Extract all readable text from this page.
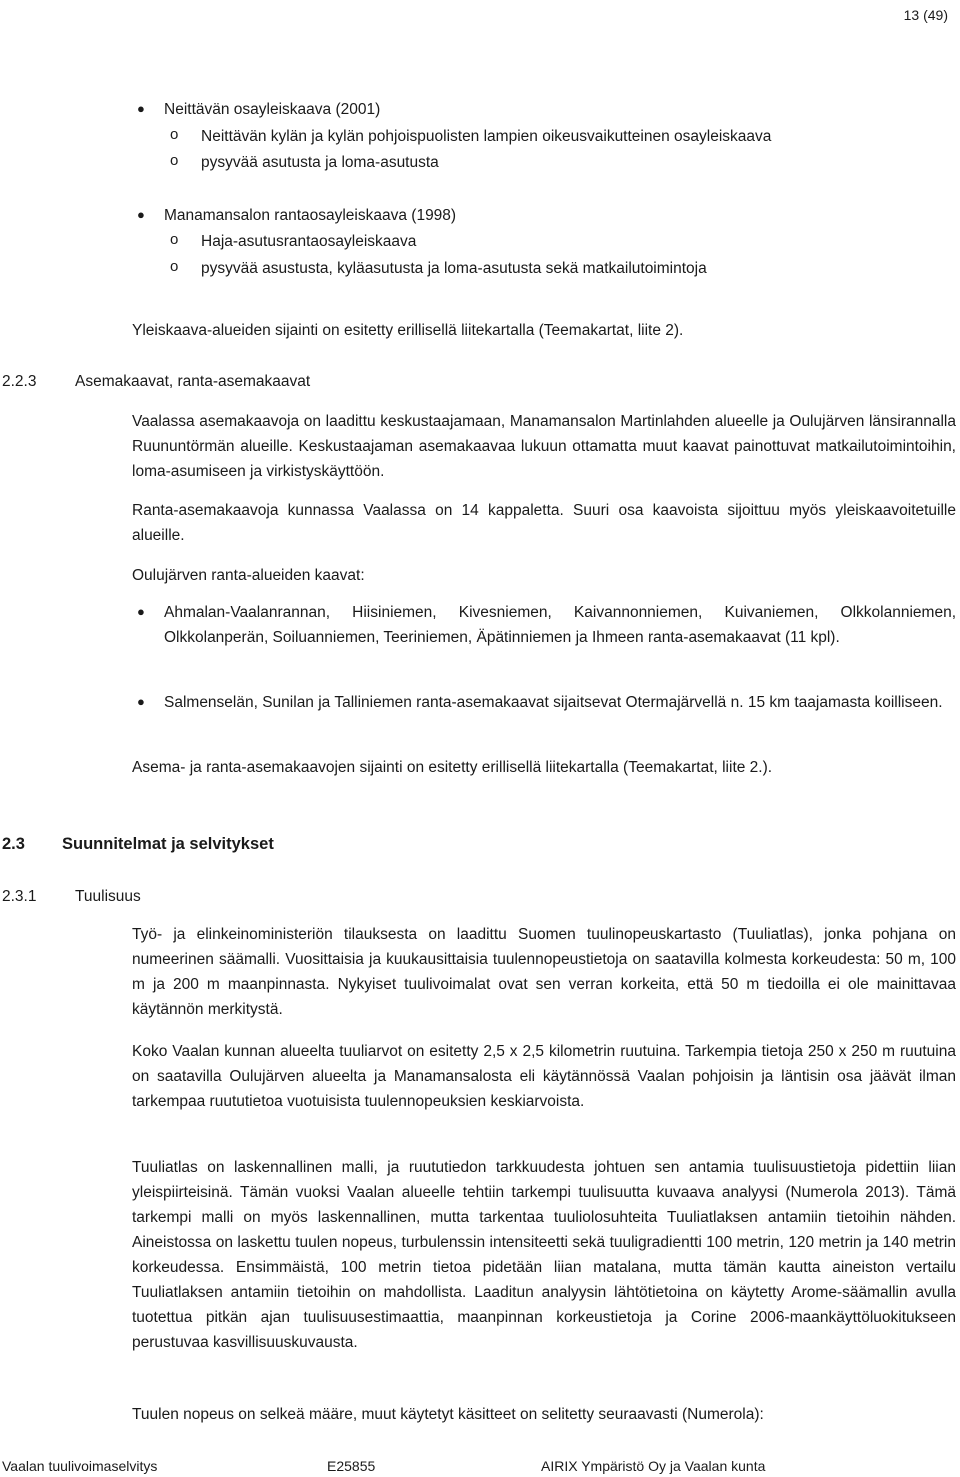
13 (49)
● Neittävän osayleiskaava (2001)
o Neittävän kylän ja kylän pohjoispuolisten lampien oikeusvaikutteinen osayleiskaava
o pysyvää asutusta ja loma-asutusta
● Manamansalon rantaosayleiskaava (1998)
o Haja-asutusrantaosayleiskaava
o pysyvää asustusta, kyläasutusta ja loma-asutusta sekä matkailutoimintoja
Yleiskaava-alueiden sijainti on esitetty erillisellä liitekartalla (Teemakartat, liite 2).
2.2.3 Asemakaavat, ranta-asemakaavat
Vaalassa asemakaavoja on laadittu keskustaajamaan, Manamansalon Martinlahden alueelle ja Oulujärven länsirannalla Ruununtörmän alueille. Keskustaajaman asemakaavaa lukuun ottamatta muut kaavat painottuvat matkailutoimintoihin, loma-asumiseen ja virkistyskäyttöön.
Ranta-asemakaavoja kunnassa Vaalassa on 14 kappaletta. Suuri osa kaavoista sijoittuu myös yleiskaavoitetuille alueille.
Oulujärven ranta-alueiden kaavat:
● Ahmalan-Vaalanrannan, Hiisiniemen, Kivesniemen, Kaivannonniemen, Kuivaniemen, Olkkolanniemen, Olkkolanperän, Soiluanniemen, Teeriniemen, Äpätinniemen ja Ihmeen ranta-asemakaavat (11 kpl).
● Salmenselän, Sunilan ja Talliniemen ranta-asemakaavat sijaitsevat Otermajärvellä n. 15 km taajamasta koilliseen.
Asema- ja ranta-asemakaavojen sijainti on esitetty erillisellä liitekartalla (Teemakartat, liite 2.).
2.3 Suunnitelmat ja selvitykset
2.3.1 Tuulisuus
Työ- ja elinkeinoministeriön tilauksesta on laadittu Suomen tuulinopeuskartasto (Tuuliatlas), jonka pohjana on numeerinen säämalli. Vuosittaisia ja kuukausittaisia tuulennopeustietoja on saatavilla kolmesta korkeudesta: 50 m, 100 m ja 200 m maanpinnasta. Nykyiset tuulivoimalat ovat sen verran korkeita, että 50 m tiedoilla ei ole mainittavaa käytännön merkitystä.
Koko Vaalan kunnan alueelta tuuliarvot on esitetty 2,5 x 2,5 kilometrin ruutuina. Tarkempia tietoja 250 x 250 m ruutuina on saatavilla Oulujärven alueelta ja Manamansalosta eli käytännössä Vaalan pohjoisin ja läntisin osa jäävät ilman tarkempaa ruututietoa vuotuisista tuulennopeuksien keskiarvoista.
Tuuliatlas on laskennallinen malli, ja ruututiedon tarkkuudesta johtuen sen antamia tuulisuustietoja pidettiin liian yleispiirteisinä. Tämän vuoksi Vaalan alueelle tehtiin tarkempi tuulisuutta kuvaava analyysi (Numerola 2013). Tämä tarkempi malli on myös laskennallinen, mutta tarkentaa tuuliolosuhteita Tuuliatlaksen antamiin tietoihin nähden. Aineistossa on laskettu tuulen nopeus, turbulenssin intensiteetti sekä tuuligradientti 100 metrin, 120 metrin ja 140 metrin korkeudessa. Ensimmäistä, 100 metrin tietoa pidetään liian matalana, mutta tämän kautta aineiston vertailu Tuuliatlaksen antamiin tietoihin on mahdollista. Laaditun analyysin lähtötietoina on käytetty Arome-säämallin avulla tuotettua pitkän ajan tuulisuusestimaattia, maanpinnan korkeustietoja ja Corine 2006-maankäyttöluokitukseen perustuvaa kasvillisuuskuvausta.
Tuulen nopeus on selkeä määre, muut käytetyt käsitteet on selitetty seuraavasti (Numerola):
Vaalan tuulivoimaselvitys	E25855	AIRIX Ympäristö Oy ja Vaalan kunta
